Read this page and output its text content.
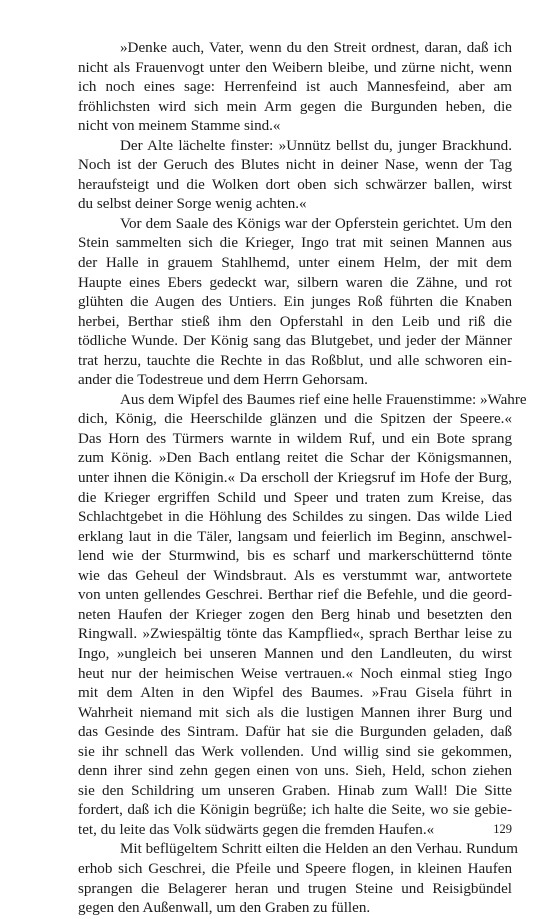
»Denke auch, Vater, wenn du den Streit ordnest, daran, daß ich
nicht als Frauenvogt unter den Weibern bleibe, und zürne nicht, wenn
ich noch eines sage: Herrenfeind ist auch Mannesfeind, aber am
fröhlichsten wird sich mein Arm gegen die Burgunden heben, die
nicht von meinem Stamme sind.«

Der Alte lächelte finster: »Unnütz bellst du, junger Brackhund.
Noch ist der Geruch des Blutes nicht in deiner Nase, wenn der Tag
heraufsteigt und die Wolken dort oben sich schwärzer ballen, wirst
du selbst deiner Sorge wenig achten.«

Vor dem Saale des Königs war der Opferstein gerichtet. Um den
Stein sammelten sich die Krieger, Ingo trat mit seinen Mannen aus
der Halle in grauem Stahlhemd, unter einem Helm, der mit dem
Haupte eines Ebers gedeckt war, silbern waren die Zähne, und rot
glühten die Augen des Untiers. Ein junges Roß führten die Knaben
herbei, Berthar stieß ihm den Opferstahl in den Leib und riß die
tödliche Wunde. Der König sang das Blutgebet, und jeder der Männer
trat herzu, tauchte die Rechte in das Roßblut, und alle schworen ein-
ander die Todestreue und dem Herrn Gehorsam.

Aus dem Wipfel des Baumes rief eine helle Frauenstimme: »Wahre
dich, König, die Heerschilde glänzen und die Spitzen der Speere.«
Das Horn des Türmers warnte in wildem Ruf, und ein Bote sprang
zum König. »Den Bach entlang reitet die Schar der Königsmannen,
unter ihnen die Königin.« Da erscholl der Kriegsruf im Hofe der Burg,
die Krieger ergriffen Schild und Speer und traten zum Kreise, das
Schlachtgebet in die Höhlung des Schildes zu singen. Das wilde Lied
erklang laut in die Täler, langsam und feierlich im Beginn, anschwel-
lend wie der Sturmwind, bis es scharf und markerschütternd tönte
wie das Geheul der Windsbraut. Als es verstummt war, antwortete
von unten gellendes Geschrei. Berthar rief die Befehle, und die geord-
neten Haufen der Krieger zogen den Berg hinab und besetzten den
Ringwall. »Zwiespältig tönte das Kampflied«, sprach Berthar leise zu
Ingo, »ungleich bei unseren Mannen und den Landleuten, du wirst
heut nur der heimischen Weise vertrauen.« Noch einmal stieg Ingo
mit dem Alten in den Wipfel des Baumes. »Frau Gisela führt in
Wahrheit niemand mit sich als die lustigen Mannen ihrer Burg und
das Gesinde des Sintram. Dafür hat sie die Burgunden geladen, daß
sie ihr schnell das Werk vollenden. Und willig sind sie gekommen,
denn ihrer sind zehn gegen einen von uns. Sieh, Held, schon ziehen
sie den Schildring um unseren Graben. Hinab zum Wall! Die Sitte
fordert, daß ich die Königin begrüße; ich halte die Seite, wo sie gebie-
tet, du leite das Volk südwärts gegen die fremden Haufen.«

Mit beflügeltem Schritt eilten die Helden an den Verhau. Rundum
erhob sich Geschrei, die Pfeile und Speere flogen, in kleinen Haufen
sprangen die Belagerer heran und trugen Steine und Reisigbündel
gegen den Außenwall, um den Graben zu füllen.

129
